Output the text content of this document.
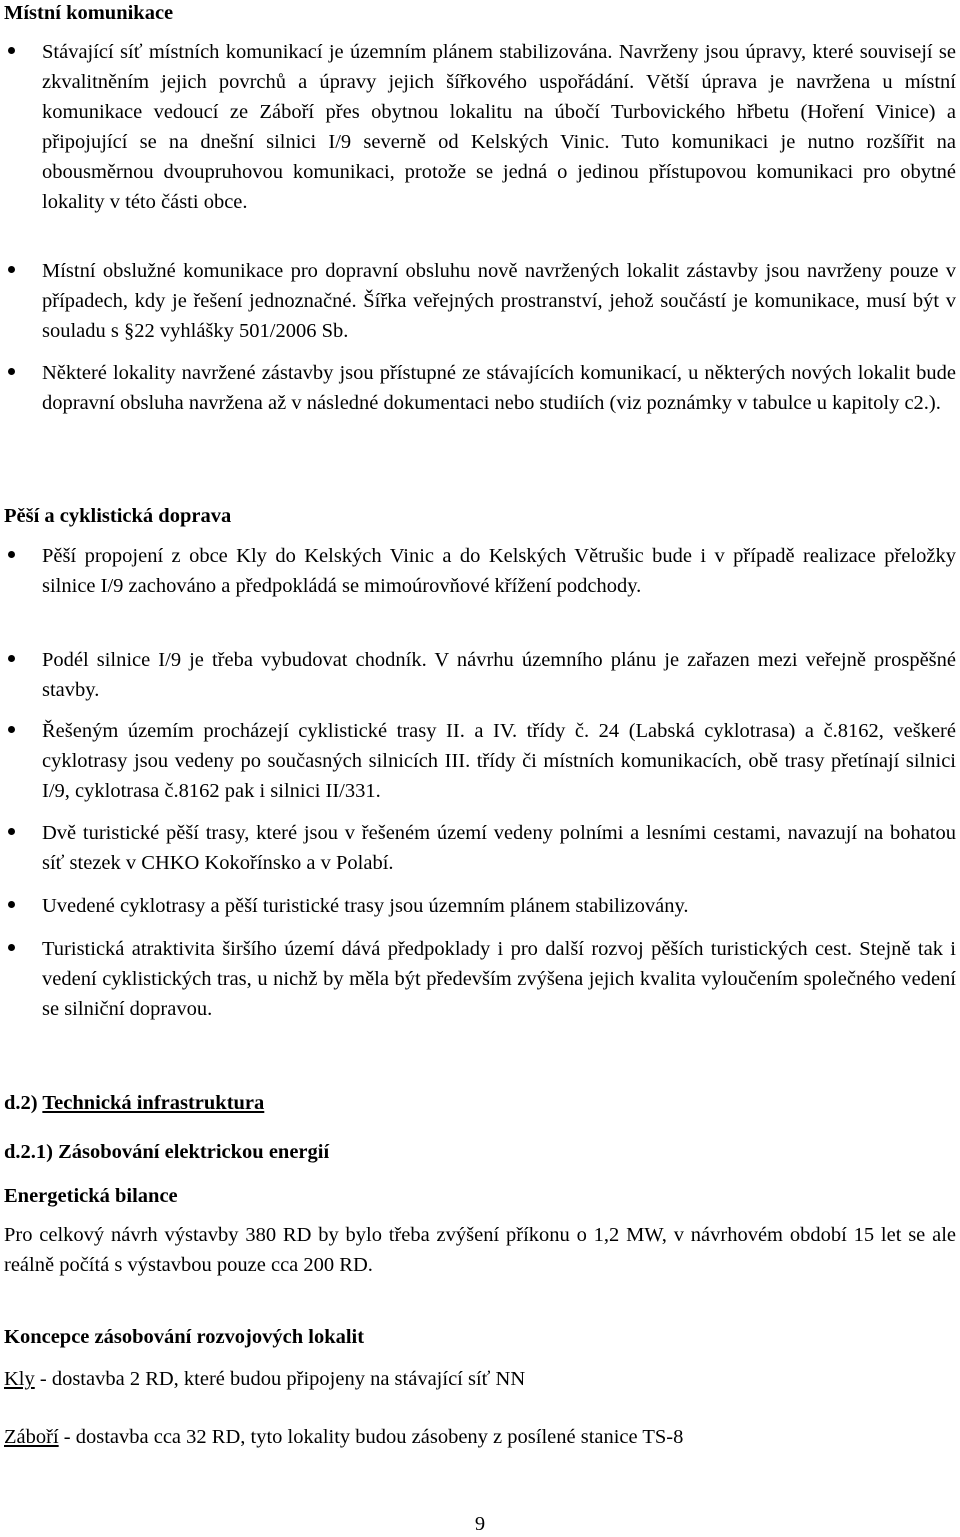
Místní komunikace
Stávající síť místních komunikací je územním plánem stabilizována. Navrženy jsou úpravy, které souvisejí se zkvalitněním jejich povrchů a úpravy jejich šířkového uspořádání. Větší úprava je navržena u místní komunikace vedoucí ze Záboří přes obytnou lokalitu na úbočí Turbovického hřbetu (Hoření Vinice) a připojující se na dnešní silnici I/9 severně od Kelských Vinic. Tuto komunikaci je nutno rozšířit na obousměrnou dvoupruhovou komunikaci, protože se jedná o jedinou přístupovou komunikaci pro obytné lokality v této části obce.
Místní obslužné komunikace pro dopravní obsluhu nově navržených lokalit zástavby jsou navrženy pouze v případech, kdy je řešení jednoznačné. Šířka veřejných prostranství, jehož součástí je komunikace, musí být v souladu s §22 vyhlášky 501/2006 Sb.
Některé lokality navržené zástavby jsou přístupné ze stávajících komunikací, u některých nových lokalit bude dopravní obsluha navržena až v následné dokumentaci nebo studiích (viz poznámky v tabulce u kapitoly c2.).
Pěší a cyklistická doprava
Pěší propojení z obce Kly do Kelských Vinic a do Kelských Větrušic bude i v případě realizace přeložky silnice I/9 zachováno a předpokládá se mimoúrovňové křížení podchody.
Podél silnice I/9 je třeba vybudovat chodník. V návrhu územního plánu je zařazen mezi veřejně prospěšné stavby.
Řešeným územím procházejí cyklistické trasy II. a IV. třídy č. 24 (Labská cyklotrasa) a č.8162, veškeré cyklotrasy jsou vedeny po současných silnicích III. třídy či místních komunikacích, obě trasy přetínají silnici I/9, cyklotrasa č.8162 pak i silnici II/331.
Dvě turistické pěší trasy, které jsou v řešeném území vedeny polními a lesními cestami, navazují na bohatou síť stezek v CHKO Kokořínsko a v Polabí.
Uvedené cyklotrasy a pěší turistické trasy jsou územním plánem stabilizovány.
Turistická atraktivita širšího území dává předpoklady i pro další rozvoj pěších turistických cest. Stejně tak i vedení cyklistických tras, u nichž by měla být především zvýšena jejich kvalita vyloučením společného vedení se silniční dopravou.
d.2) Technická infrastruktura
d.2.1) Zásobování elektrickou energií
Energetická bilance
Pro celkový návrh výstavby 380 RD by bylo třeba zvýšení příkonu o 1,2 MW, v návrhovém období 15 let se ale reálně počítá s výstavbou pouze cca 200 RD.
Koncepce zásobování rozvojových lokalit
Kly - dostavba 2 RD, které budou připojeny na stávající síť NN
Záboří - dostavba cca 32 RD, tyto lokality budou zásobeny z posílené stanice TS-8
9
